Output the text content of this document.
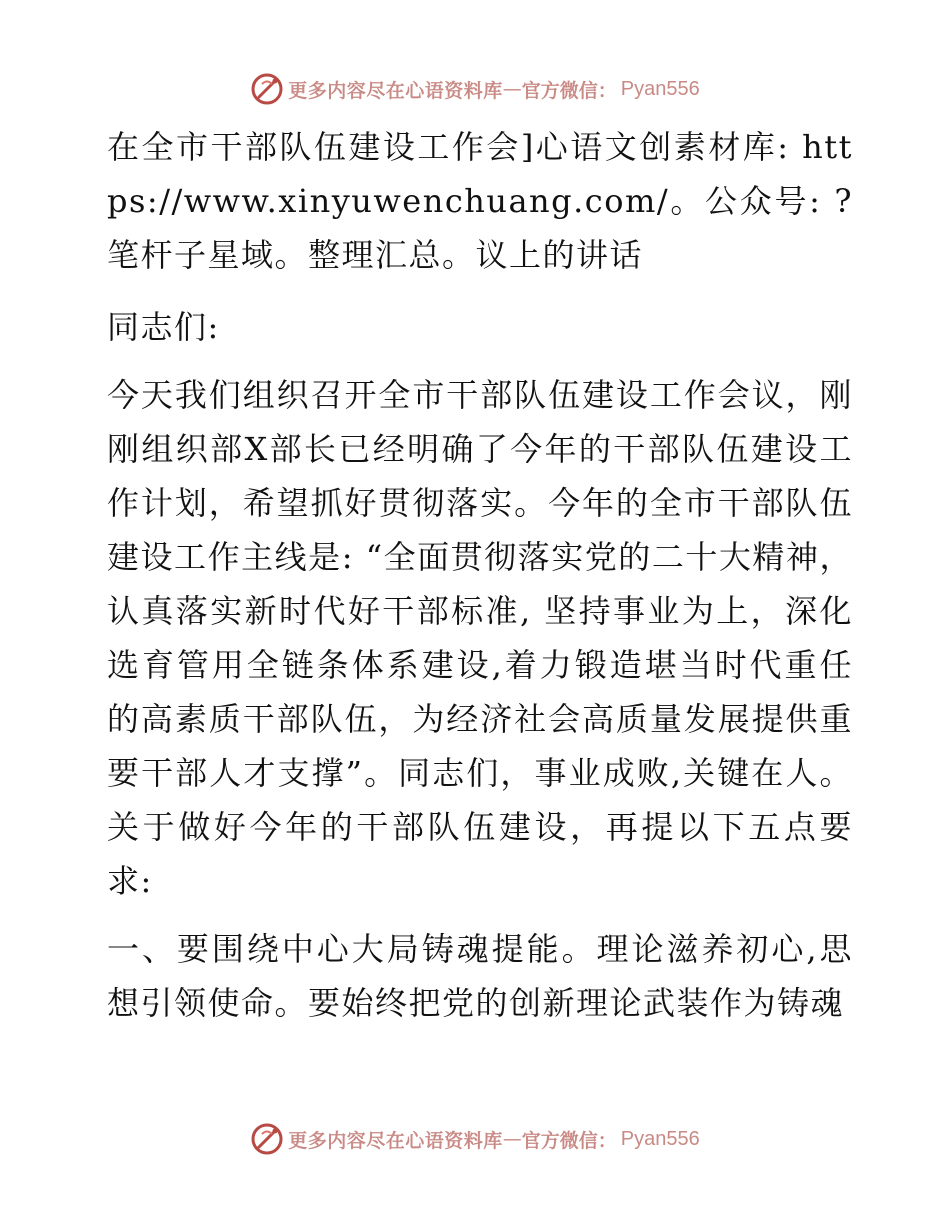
更多内容尽在心语资料库 — 官方微信： Pyan556

在全市干部队伍建设工作会]心语文创素材库: https://www.xinyuwenchuang.com/。公众号: ?笔杆子星域。整理汇总。议上的讲话

同志们:

今天我们组织召开全市干部队伍建设工作会议，刚刚组织部X部长已经明确了今年的干部队伍建设工作计划，希望抓好贯彻落实。今年的全市干部队伍建设工作主线是: “全面贯彻落实党的二十大精神，认真落实新时代好干部标准, 坚持事业为上，深化选育管用全链条体系建设,着力锻造堪当时代重任的高素质干部队伍，为经济社会高质量发展提供重要干部人才支撑”。同志们，事业成败,关键在人。关于做好今年的干部队伍建设，再提以下五点要求:

一、要围绕中心大局铸魂提能。理论滋养初心,思想引领使命。要始终把党的创新理论武装作为铸魂

更多内容尽在心语资料库 — 官方微信： Pyan556
